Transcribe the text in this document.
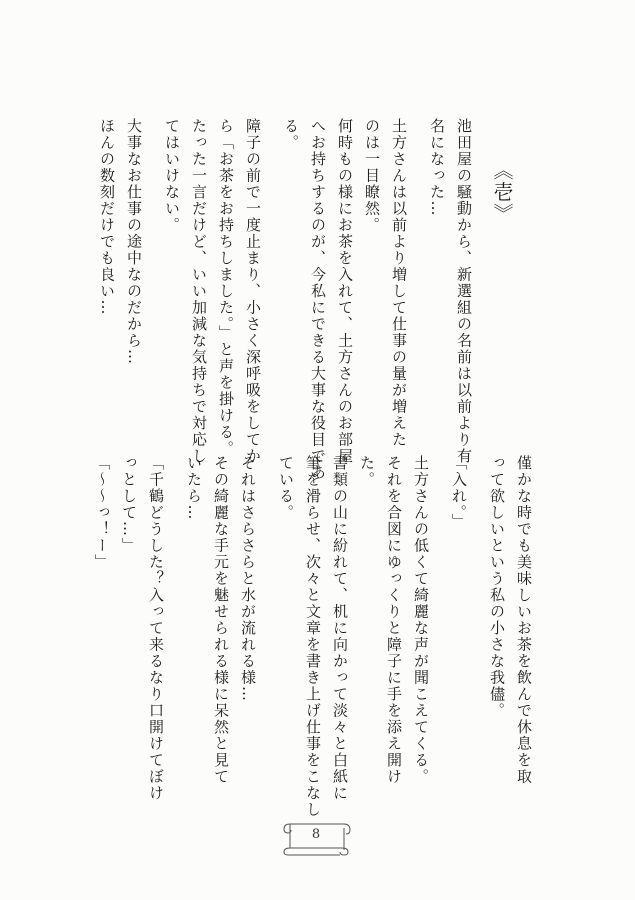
《壱》
池田屋の騒動から、新選組の名前は以前より有
名になった…
土方さんは以前より増して仕事の量が増えた
のは一目瞭然。
何時もの様にお茶を入れて、土方さんのお部屋
へお持ちするのが、今私にできる大事な役目であ
る。
障子の前で一度止まり、小さく深呼吸をしてか
ら「お茶をお持ちしました。」と声を掛ける。
たった一言だけど、いい加減な気持ちで対応し
てはいけない。
大事なお仕事の途中なのだから…
ほんの数刻だけでも良い…
僅かな時でも美味しいお茶を飲んで休息を取
って欲しいという私の小さな我儘。
「入れ。」
土方さんの低くて綺麗な声が聞こえてくる。
それを合図にゆっくりと障子に手を添え開け
た。
書類の山に紛れて、机に向かって淡々と白紙に
筆を滑らせ、次々と文章を書き上げ仕事をこなし
ている。
それはさらさらと水が流れる様…
その綺麗な手元を魅せられる様に呆然と見て
いたら…
「千鶴どうした？入って来るなり口開けてぼけ
っとして…」
「〜〜っ！ー」
8
